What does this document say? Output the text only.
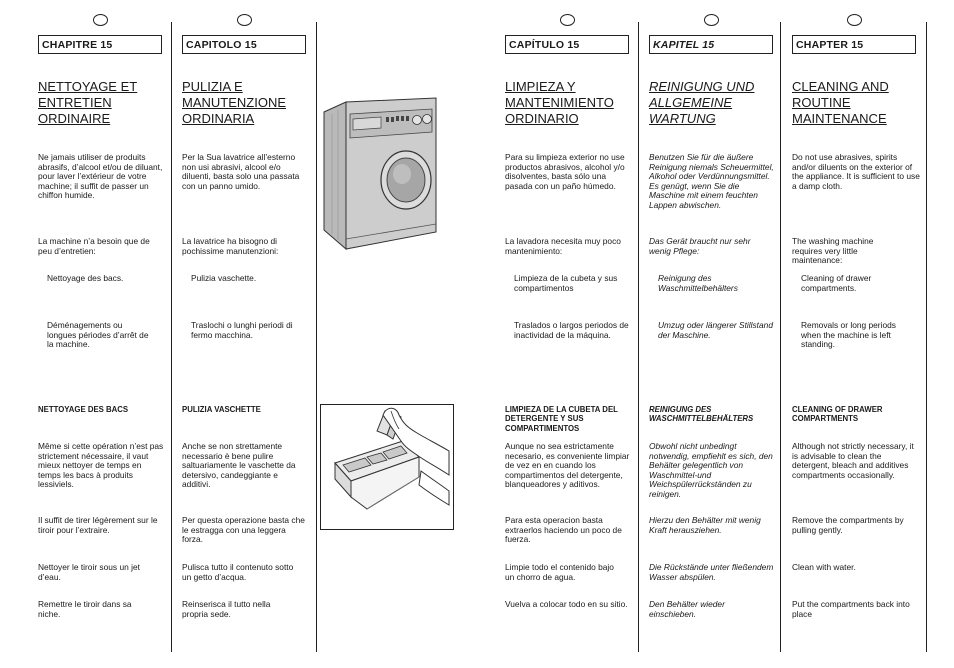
CHAPITRE 15
NETTOYAGE ET ENTRETIEN ORDINAIRE
Ne jamais utiliser de produits abrasifs, d’alcool et/ou de diluant, pour laver l’extérieur de votre machine; il suffit de passer un chiffon humide.
La machine n’a besoin que de peu d’entretien:
Nettoyage des bacs.
Déménagements ou longues périodes d’arrêt de la machine.
NETTOYAGE DES BACS
Même si cette opération n’est pas strictement nécessaire, il vaut mieux nettoyer de temps en temps les bacs à produits lessiviels.
Il suffit de tirer légèrement sur le tiroir pour l’extraire.
Nettoyer le tiroir sous un jet d’eau.
Remettre le tiroir dans sa niche.
CAPITOLO 15
PULIZIA E MANUTENZIONE ORDINARIA
Per la Sua lavatrice all’esterno non usi abrasivi, alcool e/o diluenti, basta solo una passata con un panno umido.
La lavatrice ha bisogno di pochissime manutenzioni:
Pulizia vaschette.
Traslochi o lunghi periodi di fermo macchina.
PULIZIA VASCHETTE
Anche se non strettamente necessario è bene pulire saltuariamente le vaschette da detersivo, candeggiante e additivi.
Per questa operazione basta che le estragga con una leggera forza.
Pulisca tutto il contenuto sotto un getto d’acqua.
Reinserisca il tutto nella propria sede.
CAPÍTULO 15
LIMPIEZA Y MANTENIMIENTO ORDINARIO
Para su limpieza exterior no use productos abrasivos, alcohol y/o disolventes, basta sólo una pasada con un paño húmedo.
La lavadora necesita muy poco mantenimiento:
Limpieza de la cubeta y sus compartimentos
Traslados o largos periodos de inactividad de la máquina.
LIMPIEZA DE LA CUBETA DEL DETERGENTE Y SUS COMPARTIMENTOS
Aunque no sea estrictamente necesario, es conveniente limpiar de vez en en cuando los compartimentos del detergente, blanqueadores y aditivos.
Para esta operacion basta extraerlos haciendo un poco de fuerza.
Limpie todo el contenido bajo un chorro de agua.
Vuelva a colocar todo en su sitio.
KAPITEL 15
REINIGUNG UND ALLGEMEINE WARTUNG
Benutzen Sie für die äußere Reinigung niemals Scheuermittel, Alkohol oder Verdünnungsmittel. Es genügt, wenn Sie die Maschine mit einem feuchten Lappen abwischen.
Das Gerät braucht nur sehr wenig Pflege:
Reinigung des Waschmittelbehälters
Umzug oder längerer Stillstand der Maschine.
REINIGUNG DES WASCHMITTELBEHÄLTERS
Obwohl nicht unbedingt notwendig, empfiehlt es sich, den Behälter gelegentlich von Waschmittel-und Weichspülerrückständen zu reinigen.
Hierzu den Behälter mit wenig Kraft herausziehen.
Die Rückstände unter fließendem Wasser abspülen.
Den Behälter wieder einschieben.
CHAPTER 15
CLEANING AND ROUTINE MAINTENANCE
Do not use abrasives, spirits and/or diluents on the exterior of the appliance. It is sufficient to use a damp cloth.
The washing machine requires very little maintenance:
Cleaning of drawer compartments.
Removals or long periods when the machine is left standing.
CLEANING OF DRAWER COMPARTMENTS
Although not strictly necessary, it is advisable to clean the detergent, bleach and additives compartments occasionally.
Remove the compartments by pulling gently.
Clean with water.
Put the compartments back into place
